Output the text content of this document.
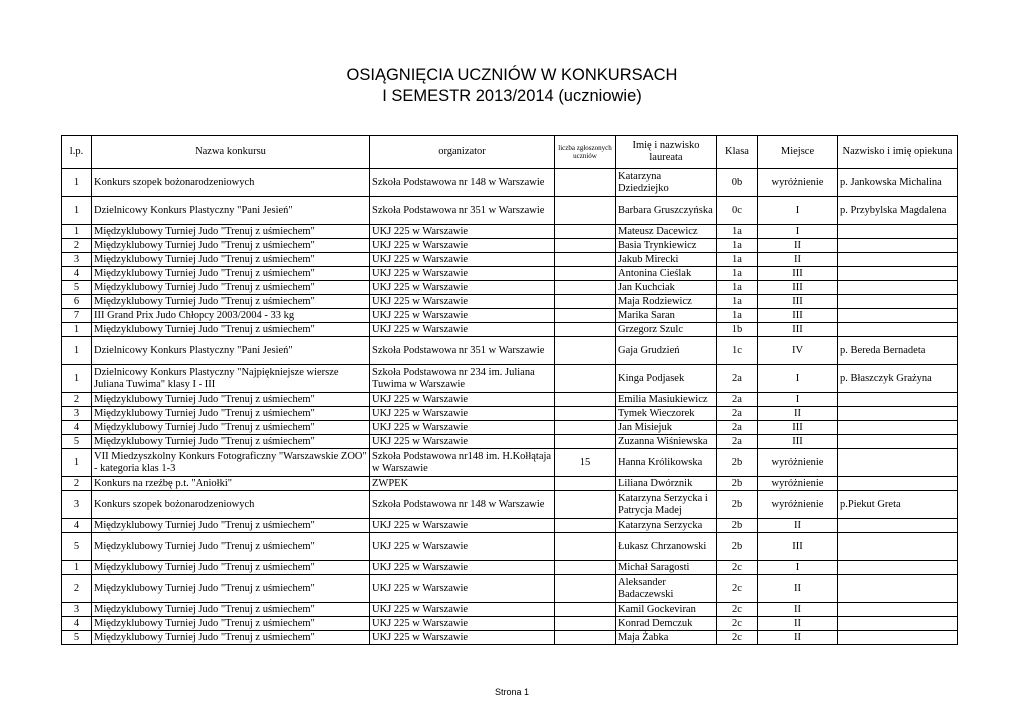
OSIĄGNIĘCIA UCZNIÓW W KONKURSACH
I SEMESTR 2013/2014 (uczniowie)
l.p.	Nazwa konkursu	organizator	liczba zgłoszonych uczniów	Imię i nazwisko laureata	Klasa	Miejsce	Nazwisko i imię opiekuna
1	Konkurs szopek bożonarodzeniowych	Szkoła Podstawowa nr 148 w Warszawie		Katarzyna Dziedziejko	0b	wyróżnienie	p. Jankowska Michalina
1	Dzielnicowy Konkurs Plastyczny "Pani Jesień"	Szkoła Podstawowa nr 351 w Warszawie		Barbara Gruszczyńska	0c	I	p. Przybylska Magdalena
1	Międzyklubowy Turniej Judo "Trenuj z uśmiechem"	UKJ 225 w Warszawie		Mateusz Dacewicz	1a	I	
2	Międzyklubowy Turniej Judo "Trenuj z uśmiechem"	UKJ 225 w Warszawie		Basia Trynkiewicz	1a	II	
3	Międzyklubowy Turniej Judo "Trenuj z uśmiechem"	UKJ 225 w Warszawie		Jakub Mirecki	1a	II	
4	Międzyklubowy Turniej Judo "Trenuj z uśmiechem"	UKJ 225 w Warszawie		Antonina Cieślak	1a	III	
5	Międzyklubowy Turniej Judo "Trenuj z uśmiechem"	UKJ 225 w Warszawie		Jan Kuchciak	1a	III	
6	Międzyklubowy Turniej Judo "Trenuj z uśmiechem"	UKJ 225 w Warszawie		Maja Rodziewicz	1a	III	
7	III Grand Prix Judo Chłopcy 2003/2004 - 33 kg	UKJ 225 w Warszawie		Marika Saran	1a	III	
1	Międzyklubowy Turniej Judo "Trenuj z uśmiechem"	UKJ 225 w Warszawie		Grzegorz Szulc	1b	III	
1	Dzielnicowy Konkurs Plastyczny "Pani Jesień"	Szkoła Podstawowa nr 351 w Warszawie		Gaja Grudzień	1c	IV	p. Bereda Bernadeta
1	Dzielnicowy Konkurs Plastyczny "Najpiękniejsze wiersze Juliana Tuwima" klasy I - III	Szkoła Podstawowa nr 234 im. Juliana Tuwima w Warszawie		Kinga Podjasek	2a	I	p. Błaszczyk Grażyna
2	Międzyklubowy Turniej Judo "Trenuj z uśmiechem"	UKJ 225 w Warszawie		Emilia Masiukiewicz	2a	I	
3	Międzyklubowy Turniej Judo "Trenuj z uśmiechem"	UKJ 225 w Warszawie		Tymek Wieczorek	2a	II	
4	Międzyklubowy Turniej Judo "Trenuj z uśmiechem"	UKJ 225 w Warszawie		Jan Misiejuk	2a	III	
5	Międzyklubowy Turniej Judo "Trenuj z uśmiechem"	UKJ 225 w Warszawie		Zuzanna Wiśniewska	2a	III	
1	VII Miedzyszkolny Konkurs Fotograficzny "Warszawskie ZOO" - kategoria klas 1-3	Szkoła Podstawowa nr148 im. H.Kołłątaja w Warszawie	15	Hanna Królikowska	2b	wyróżnienie	
2	Konkurs na rzeźbę p.t. "Aniołki"	ZWPEK		Liliana Dwórznik	2b	wyróżnienie	
3	Konkurs szopek bożonarodzeniowych	Szkoła Podstawowa nr 148 w Warszawie		Katarzyna Serzycka i Patrycja Madej	2b	wyróżnienie	p.Piekut Greta
4	Międzyklubowy Turniej Judo "Trenuj z uśmiechem"	UKJ 225 w Warszawie		Katarzyna Serzycka	2b	II	
5	Międzyklubowy Turniej Judo "Trenuj z uśmiechem"	UKJ 225 w Warszawie		Łukasz Chrzanowski	2b	III	
1	Międzyklubowy Turniej Judo "Trenuj z uśmiechem"	UKJ 225 w Warszawie		Michał Saragosti	2c	I	
2	Międzyklubowy Turniej Judo "Trenuj z uśmiechem"	UKJ 225 w Warszawie		Aleksander Badaczewski	2c	II	
3	Międzyklubowy Turniej Judo "Trenuj z uśmiechem"	UKJ 225 w Warszawie		Kamil Gockeviran	2c	II	
4	Międzyklubowy Turniej Judo "Trenuj z uśmiechem"	UKJ 225 w Warszawie		Konrad Demczuk	2c	II	
5	Międzyklubowy Turniej Judo "Trenuj z uśmiechem"	UKJ 225 w Warszawie		Maja Żabka	2c	II	
Strona 1
